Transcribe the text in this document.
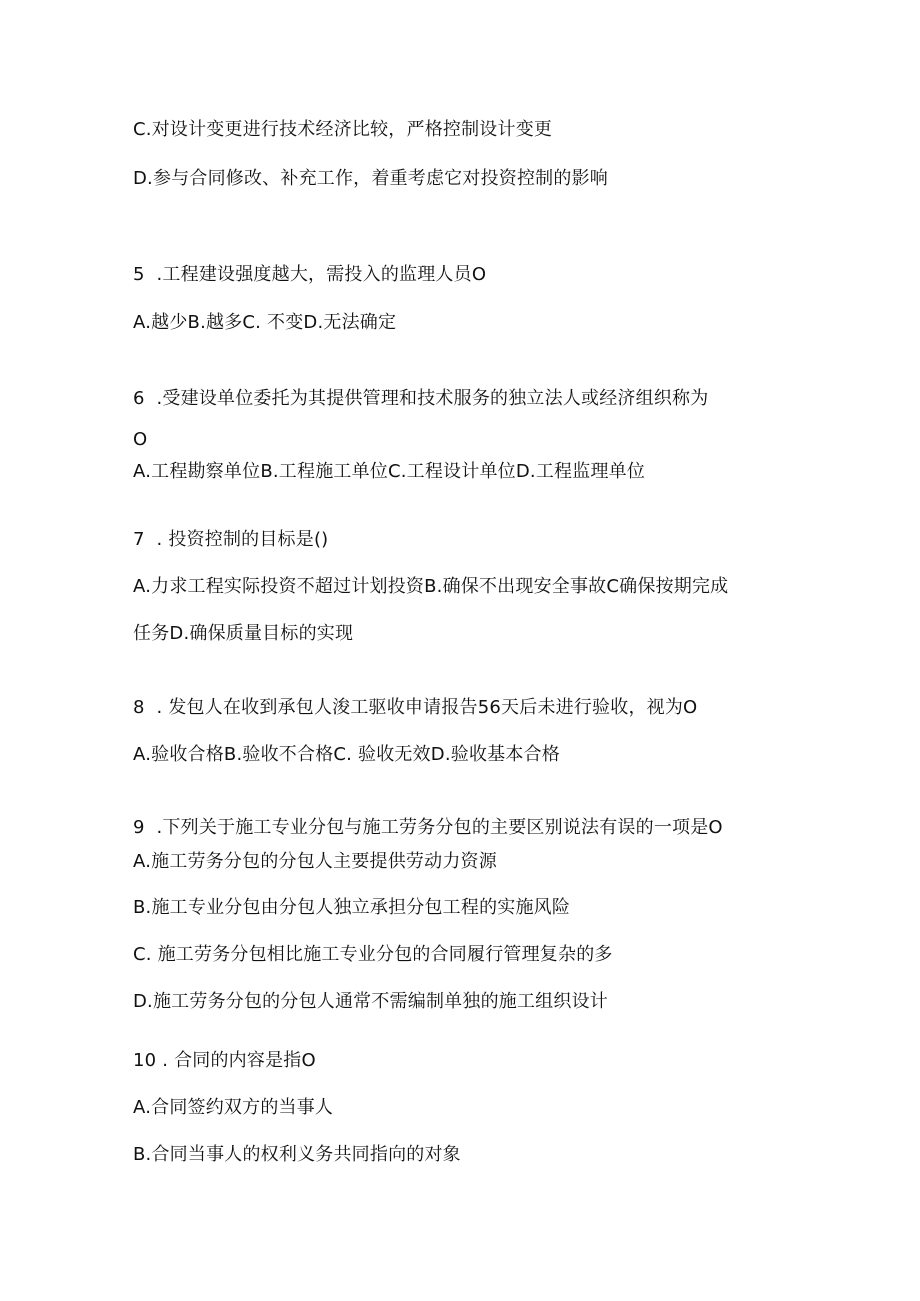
C.对设计变更进行技术经济比较，严格控制设计变更
D.参与合同修改、补充工作，着重考虑它对投资控制的影响
5  .工程建设强度越大，需投入的监理人员O
A.越少B.越多C. 不变D.无法确定
6  .受建设单位委托为其提供管理和技术服务的独立法人或经济组织称为
O
A.工程勘察单位B.工程施工单位C.工程设计单位D.工程监理单位
7  . 投资控制的目标是()
A.力求工程实际投资不超过计划投资B.确保不出现安全事故C确保按期完成
任务D.确保质量目标的实现
8  . 发包人在收到承包人浚工驱收申请报告56天后未进行验收，视为O
A.验收合格B.验收不合格C. 验收无效D.验收基本合格
9  .下列关于施工专业分包与施工劳务分包的主要区别说法有误的一项是O
A.施工劳务分包的分包人主要提供劳动力资源
B.施工专业分包由分包人独立承担分包工程的实施风险
C. 施工劳务分包相比施工专业分包的合同履行管理复杂的多
D.施工劳务分包的分包人通常不需编制单独的施工组织设计
10 . 合同的内容是指O
A.合同签约双方的当事人
B.合同当事人的权利义务共同指向的对象
